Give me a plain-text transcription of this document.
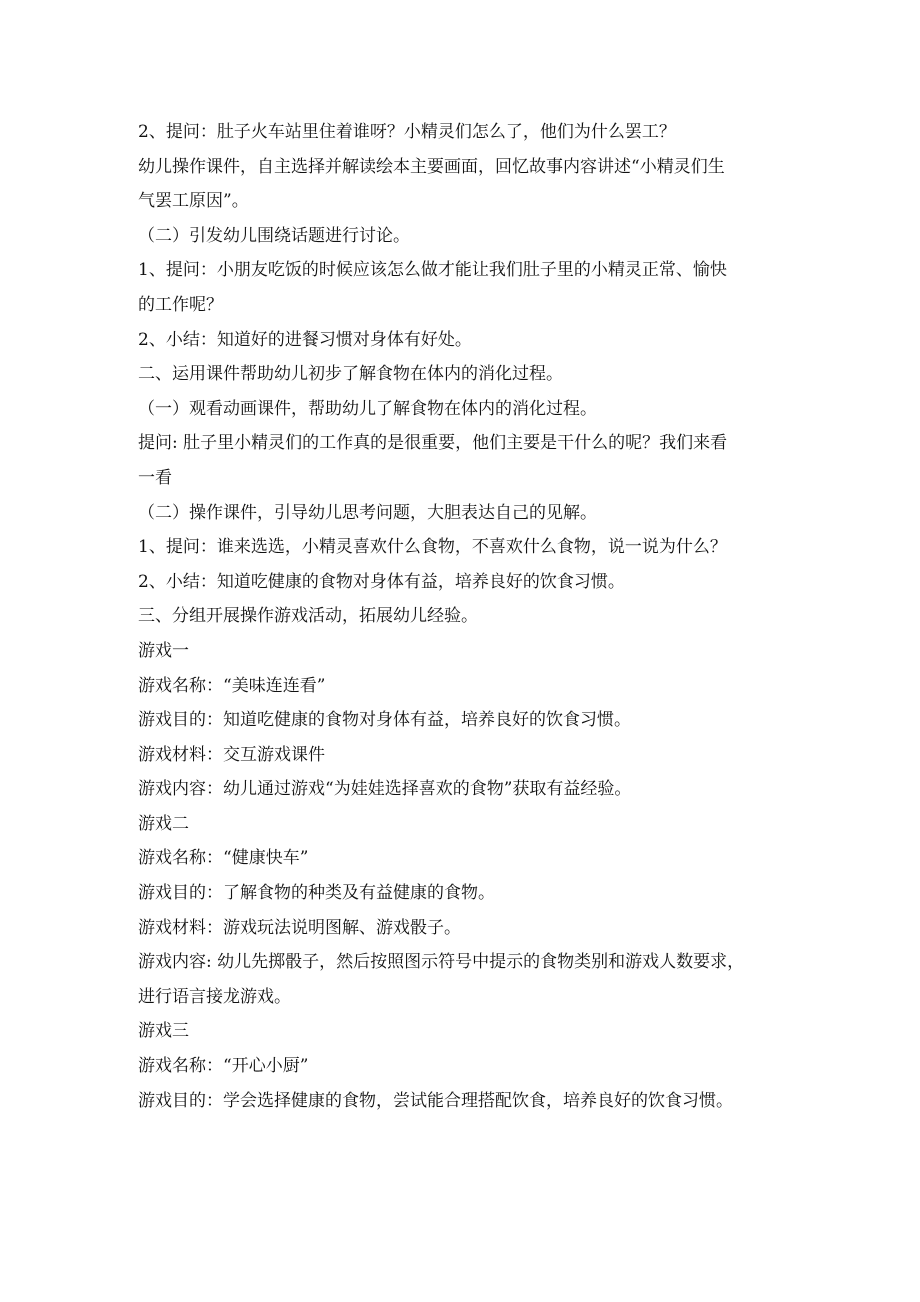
2、提问：肚子火车站里住着谁呀？小精灵们怎么了，他们为什么罢工？
幼儿操作课件，自主选择并解读绘本主要画面，回忆故事内容讲述“小精灵们生
气罢工原因”。
（二）引发幼儿围绕话题进行讨论。
1、提问：小朋友吃饭的时候应该怎么做才能让我们肚子里的小精灵正常、愉快
的工作呢？
2、小结：知道好的进餐习惯对身体有好处。
二、运用课件帮助幼儿初步了解食物在体内的消化过程。
（一）观看动画课件，帮助幼儿了解食物在体内的消化过程。
提问: 肚子里小精灵们的工作真的是很重要，他们主要是干什么的呢？我们来看
一看
（二）操作课件，引导幼儿思考问题，大胆表达自己的见解。
1、提问：谁来选选，小精灵喜欢什么食物，不喜欢什么食物，说一说为什么？
2、小结：知道吃健康的食物对身体有益，培养良好的饮食习惯。
三、分组开展操作游戏活动，拓展幼儿经验。
游戏一
游戏名称：“美味连连看”
游戏目的：知道吃健康的食物对身体有益，培养良好的饮食习惯。
游戏材料：交互游戏课件
游戏内容：幼儿通过游戏“为娃娃选择喜欢的食物”获取有益经验。
游戏二
游戏名称：“健康快车”
游戏目的：了解食物的种类及有益健康的食物。
游戏材料：游戏玩法说明图解、游戏骰子。
游戏内容: 幼儿先掷骰子，然后按照图示符号中提示的食物类别和游戏人数要求，
进行语言接龙游戏。
游戏三
游戏名称：“开心小厨”
游戏目的：学会选择健康的食物，尝试能合理搭配饮食，培养良好的饮食习惯。
